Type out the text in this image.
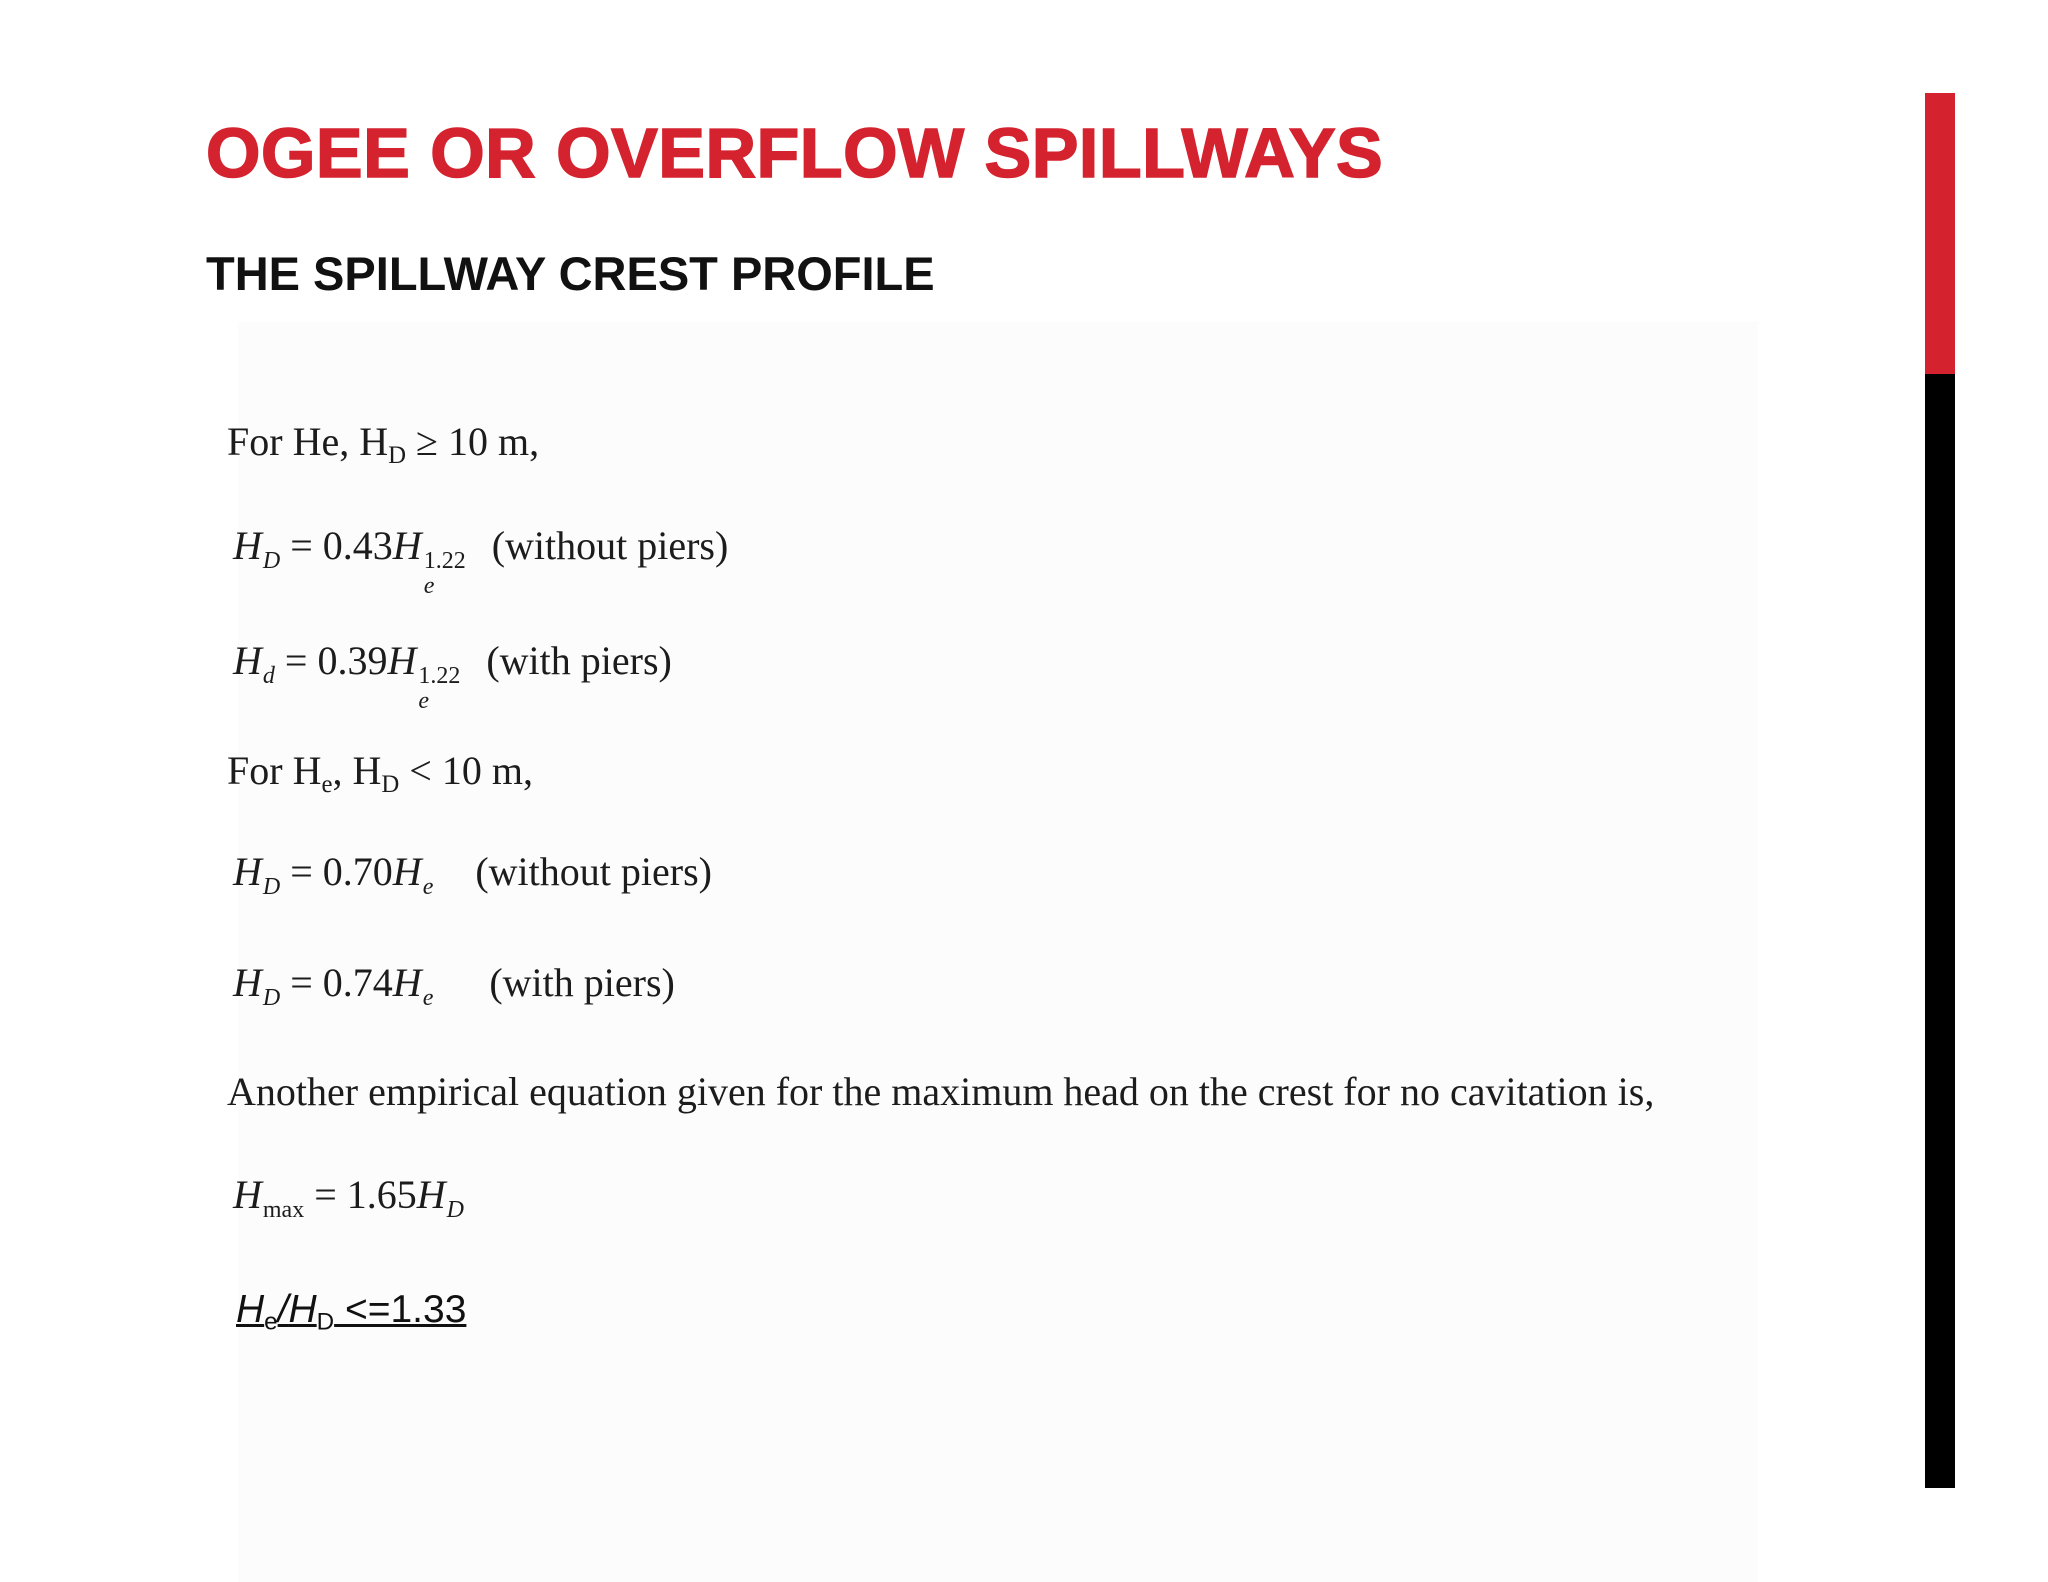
OGEE OR OVERFLOW SPILLWAYS
THE SPILLWAY CREST PROFILE
For He, $H_D \ge 10$ m,
$H_D = 0.43H$ 1.22
e
(without piers)
$H_d = 0.39H$ 1.22
e
(with piers)
For $H_e$, $H_D < 10$ m,
$H_D = 0.70H_e$ (without piers)
$H_D = 0.74H_e$ (with piers)
Another empirical equation given for the maximum head on the crest for no cavitation is,
$H_{max} = 1.65H_D$
$H_e/H_D <=1.33$
